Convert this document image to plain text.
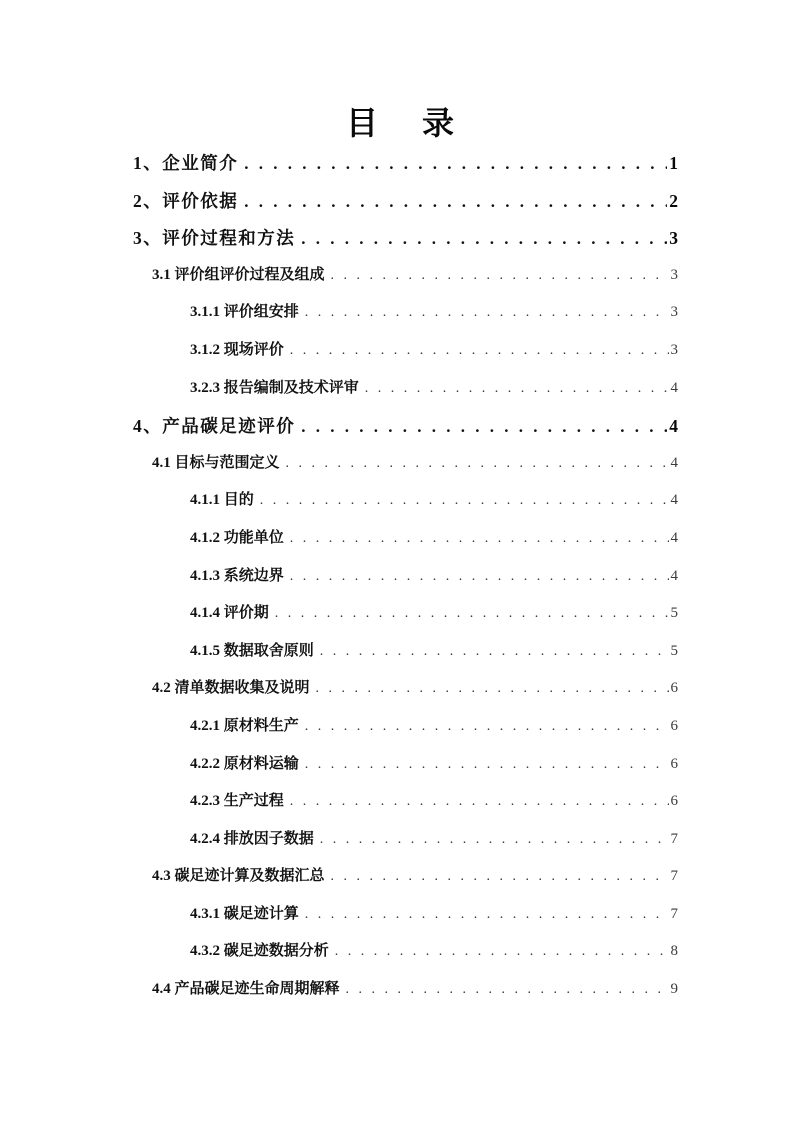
目 录
1、企业简介 . . .	1
2、评价依据 . . .	2
3、评价过程和方法 . . .	3
3.1 评价组评价过程及组成 . . .	3
3.1.1 评价组安排 . . .	3
3.1.2 现场评价 . . .	3
3.2.3 报告编制及技术评审 . . .	4
4、产品碳足迹评价 . . .	4
4.1 目标与范围定义 . . .	4
4.1.1 目的 . . .	4
4.1.2 功能单位 . . .	4
4.1.3 系统边界 . . .	4
4.1.4 评价期 . . .	5
4.1.5 数据取舍原则 . . .	5
4.2 清单数据收集及说明 . . .	6
4.2.1 原材料生产 . . .	6
4.2.2 原材料运输 . . .	6
4.2.3 生产过程 . . .	6
4.2.4 排放因子数据 . . .	7
4.3 碳足迹计算及数据汇总 . . .	7
4.3.1 碳足迹计算 . . .	7
4.3.2 碳足迹数据分析 . . .	8
4.4 产品碳足迹生命周期解释 . . .	9
